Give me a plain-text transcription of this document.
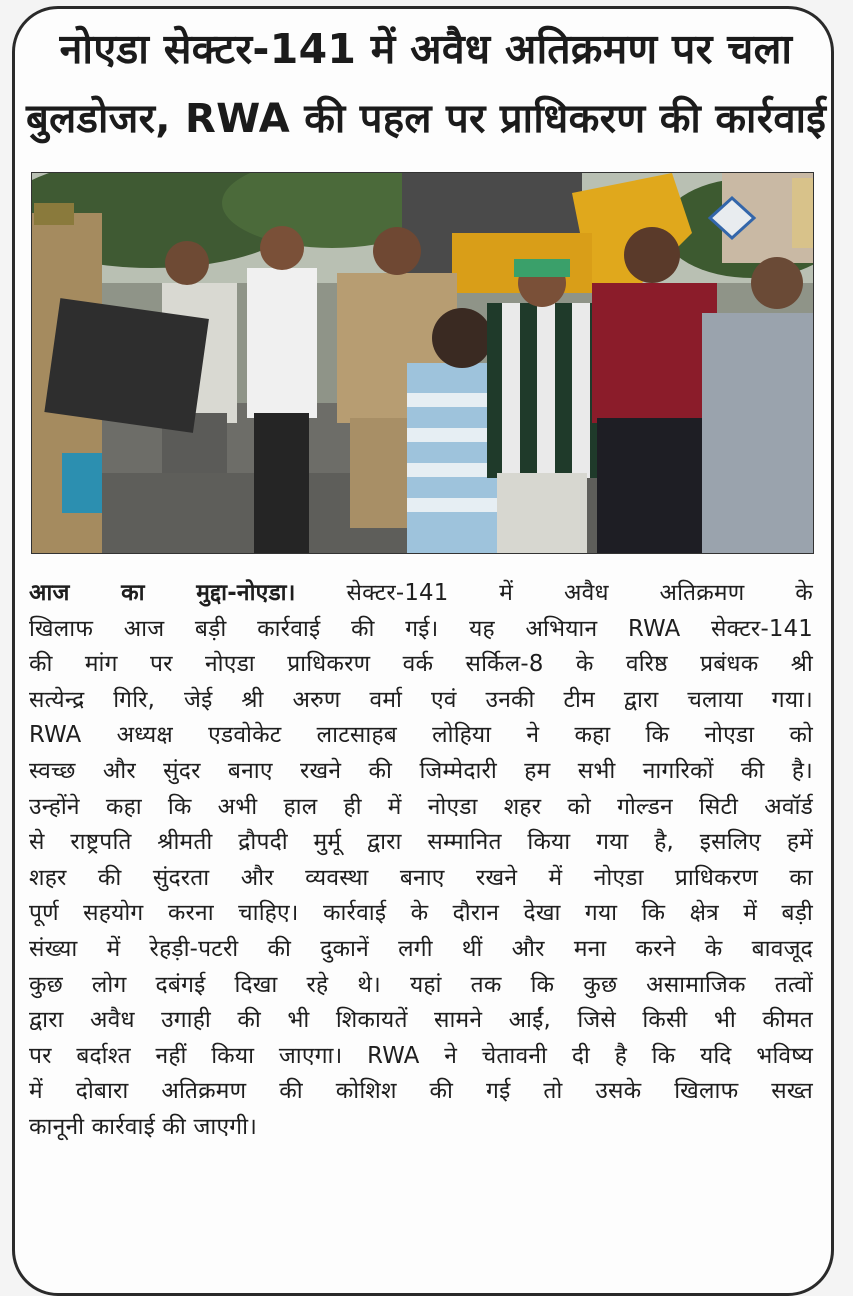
नोएडा सेक्टर-141 में अवैध अतिक्रमण पर चला
बुलडोजर, RWA की पहल पर प्राधिकरण की कार्रवाई
आज का मुद्दा-नोएडा। सेक्टर-141 में अवैध अतिक्रमण के
खिलाफ आज बड़ी कार्रवाई की गई। यह अभियान RWA सेक्टर-141
की मांग पर नोएडा प्राधिकरण वर्क सर्किल-8 के वरिष्ठ प्रबंधक श्री
सत्येन्द्र गिरि, जेई श्री अरुण वर्मा एवं उनकी टीम द्वारा चलाया गया।
RWA अध्यक्ष एडवोकेट लाटसाहब लोहिया ने कहा कि नोएडा को
स्वच्छ और सुंदर बनाए रखने की जिम्मेदारी हम सभी नागरिकों की है।
उन्होंने कहा कि अभी हाल ही में नोएडा शहर को गोल्डन सिटी अवॉर्ड
से राष्ट्रपति श्रीमती द्रौपदी मुर्मू द्वारा सम्मानित किया गया है, इसलिए हमें
शहर की सुंदरता और व्यवस्था बनाए रखने में नोएडा प्राधिकरण का
पूर्ण सहयोग करना चाहिए। कार्रवाई के दौरान देखा गया कि क्षेत्र में बड़ी
संख्या में रेहड़ी-पटरी की दुकानें लगी थीं और मना करने के बावजूद
कुछ लोग दबंगई दिखा रहे थे। यहां तक कि कुछ असामाजिक तत्वों
द्वारा अवैध उगाही की भी शिकायतें सामने आईं, जिसे किसी भी कीमत
पर बर्दाश्त नहीं किया जाएगा। RWA ने चेतावनी दी है कि यदि भविष्य
में दोबारा अतिक्रमण की कोशिश की गई तो उसके खिलाफ सख्त
कानूनी कार्रवाई की जाएगी।
